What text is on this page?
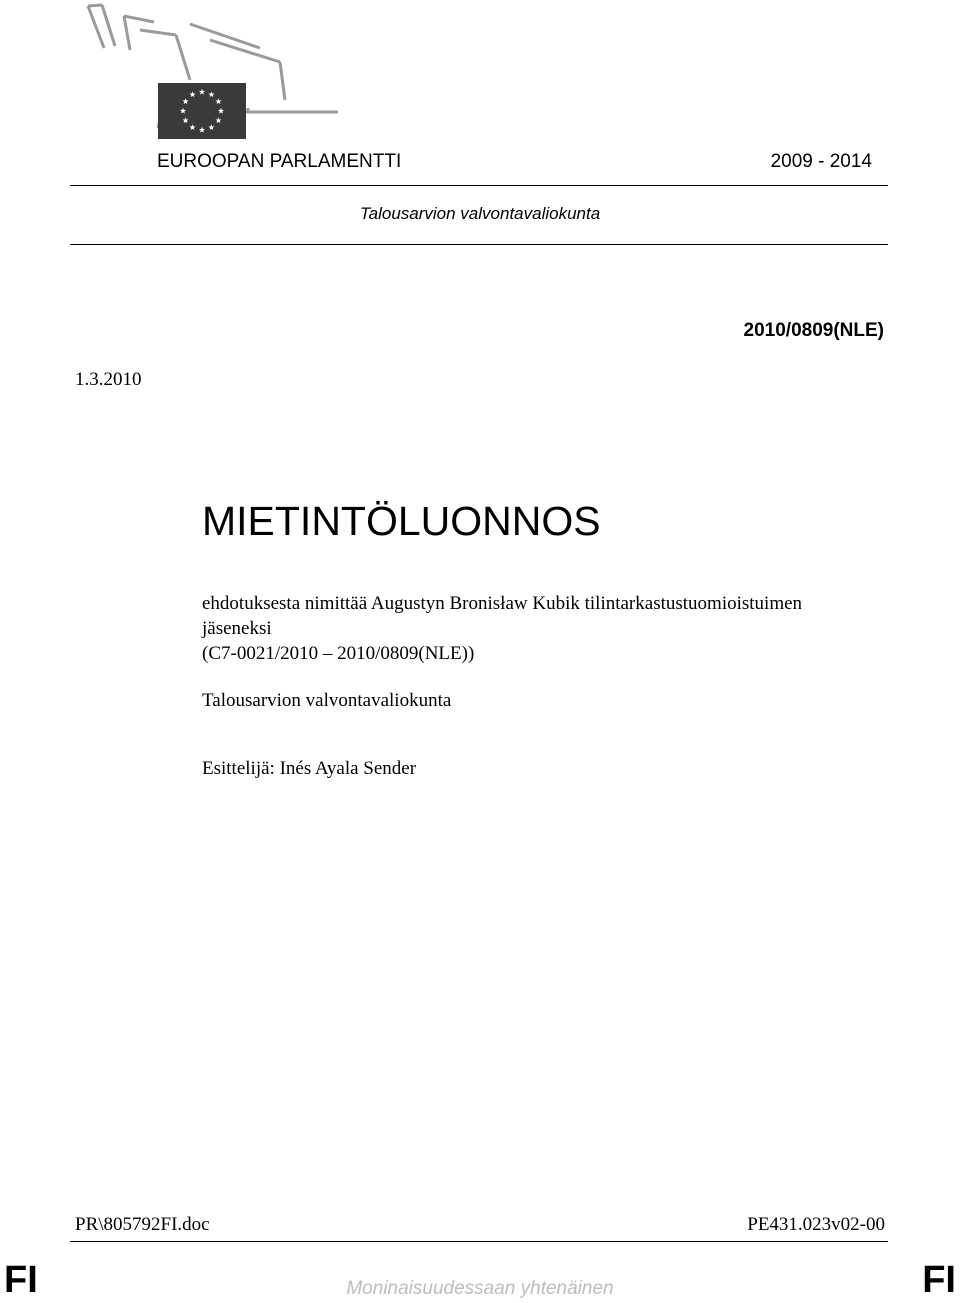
EUROOPAN PARLAMENTTI	2009 - 2014
Talousarvion valvontavaliokunta
2010/0809(NLE)
1.3.2010
MIETINTÖLUONNOS
ehdotuksesta nimittää Augustyn Bronisław Kubik tilintarkastustuomioistuimen
jäseneksi
(C7-0021/2010 – 2010/0809(NLE))
Talousarvion valvontavaliokunta
Esittelijä: Inés Ayala Sender
PR\805792FI.doc	PE431.023v02-00
FI	Moninaisuudessaan yhtenäinen	FI
